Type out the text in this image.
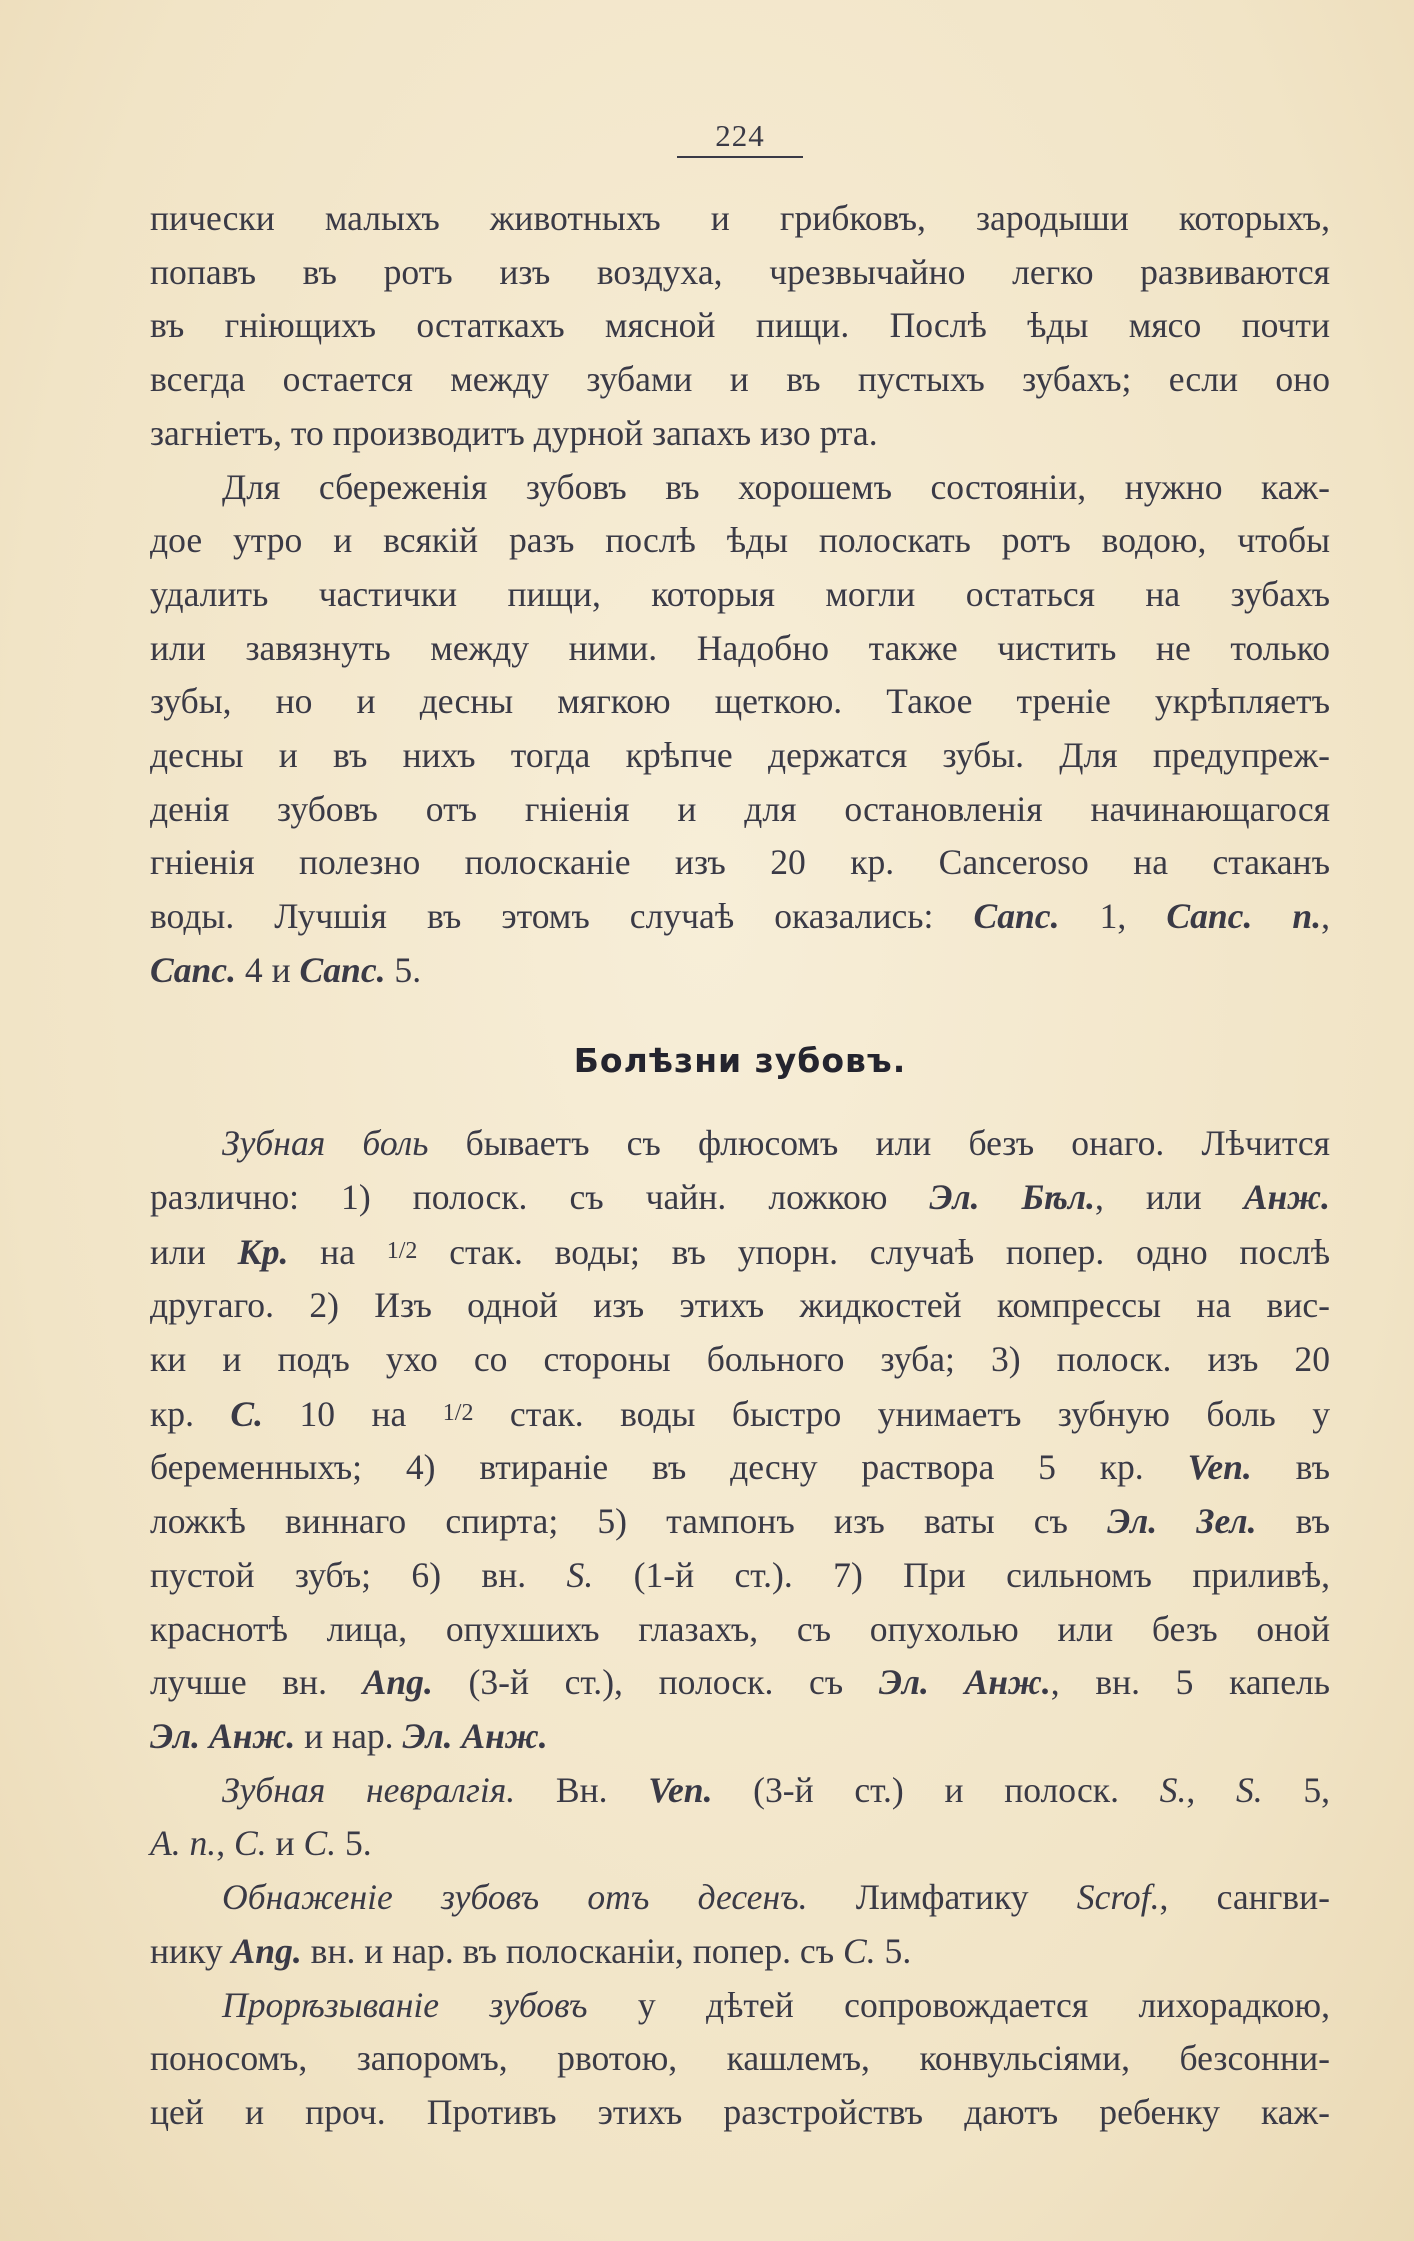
224
пически малыхъ животныхъ и грибковъ, зародыши которыхъ,
попавъ въ ротъ изъ воздуха, чрезвычайно легко развиваются
въ гніющихъ остаткахъ мясной пищи. Послѣ ѣды мясо почти
всегда остается между зубами и въ пустыхъ зубахъ; если оно
загніетъ, то производитъ дурной запахъ изо рта.
Для сбереженія зубовъ въ хорошемъ состояніи, нужно каж-
дое утро и всякій разъ послѣ ѣды полоскать ротъ водою, чтобы
удалить частички пищи, которыя могли остаться на зубахъ
или завязнуть между ними. Надобно также чистить не только
зубы, но и десны мягкою щеткою. Такое треніе укрѣпляетъ
десны и въ нихъ тогда крѣпче держатся зубы. Для предупреж-
денія зубовъ отъ гніенія и для остановленія начинающагося
гніенія полезно полосканіе изъ 20 кр. Cancerosо на стаканъ
воды. Лучшія въ этомъ случаѣ оказались: Canc. 1, Canc. n.,
Canc. 4 и Canc. 5.
Болѣзни зубовъ.
Зубная боль бываетъ съ флюсомъ или безъ онаго. Лѣчится
различно: 1) полоск. съ чайн. ложкою Эл. Бѣл., или Анж.
или Кр. на 1/2 стак. воды; въ упорн. случаѣ попер. одно послѣ
другаго. 2) Изъ одной изъ этихъ жидкостей компрессы на вис-
ки и подъ ухо со стороны больного зуба; 3) полоск. изъ 20
кр. C. 10 на 1/2 стак. воды быстро унимаетъ зубную боль у
беременныхъ; 4) втираніе въ десну раствора 5 кр. Ven. въ
ложкѣ виннаго спирта; 5) тампонъ изъ ваты съ Эл. Зел. въ
пустой зубъ; 6) вн. S. (1-й ст.). 7) При сильномъ приливѣ,
краснотѣ лица, опухшихъ глазахъ, съ опухолью или безъ оной
лучше вн. Ang. (3-й ст.), полоск. съ Эл. Анж., вн. 5 капель
Эл. Анж. и нар. Эл. Анж.
Зубная невралгія. Вн. Ven. (3-й ст.) и полоск. S., S. 5,
A. n., C. и C. 5.
Обнаженіе зубовъ отъ десенъ. Лимфатику Scrof., сангви-
нику Ang. вн. и нар. въ полосканіи, попер. съ C. 5.
Прорѣзываніе зубовъ у дѣтей сопровождается лихорадкою,
поносомъ, запоромъ, рвотою, кашлемъ, конвульсіями, безсонни-
цей и проч. Противъ этихъ разстройствъ даютъ ребенку каж-
